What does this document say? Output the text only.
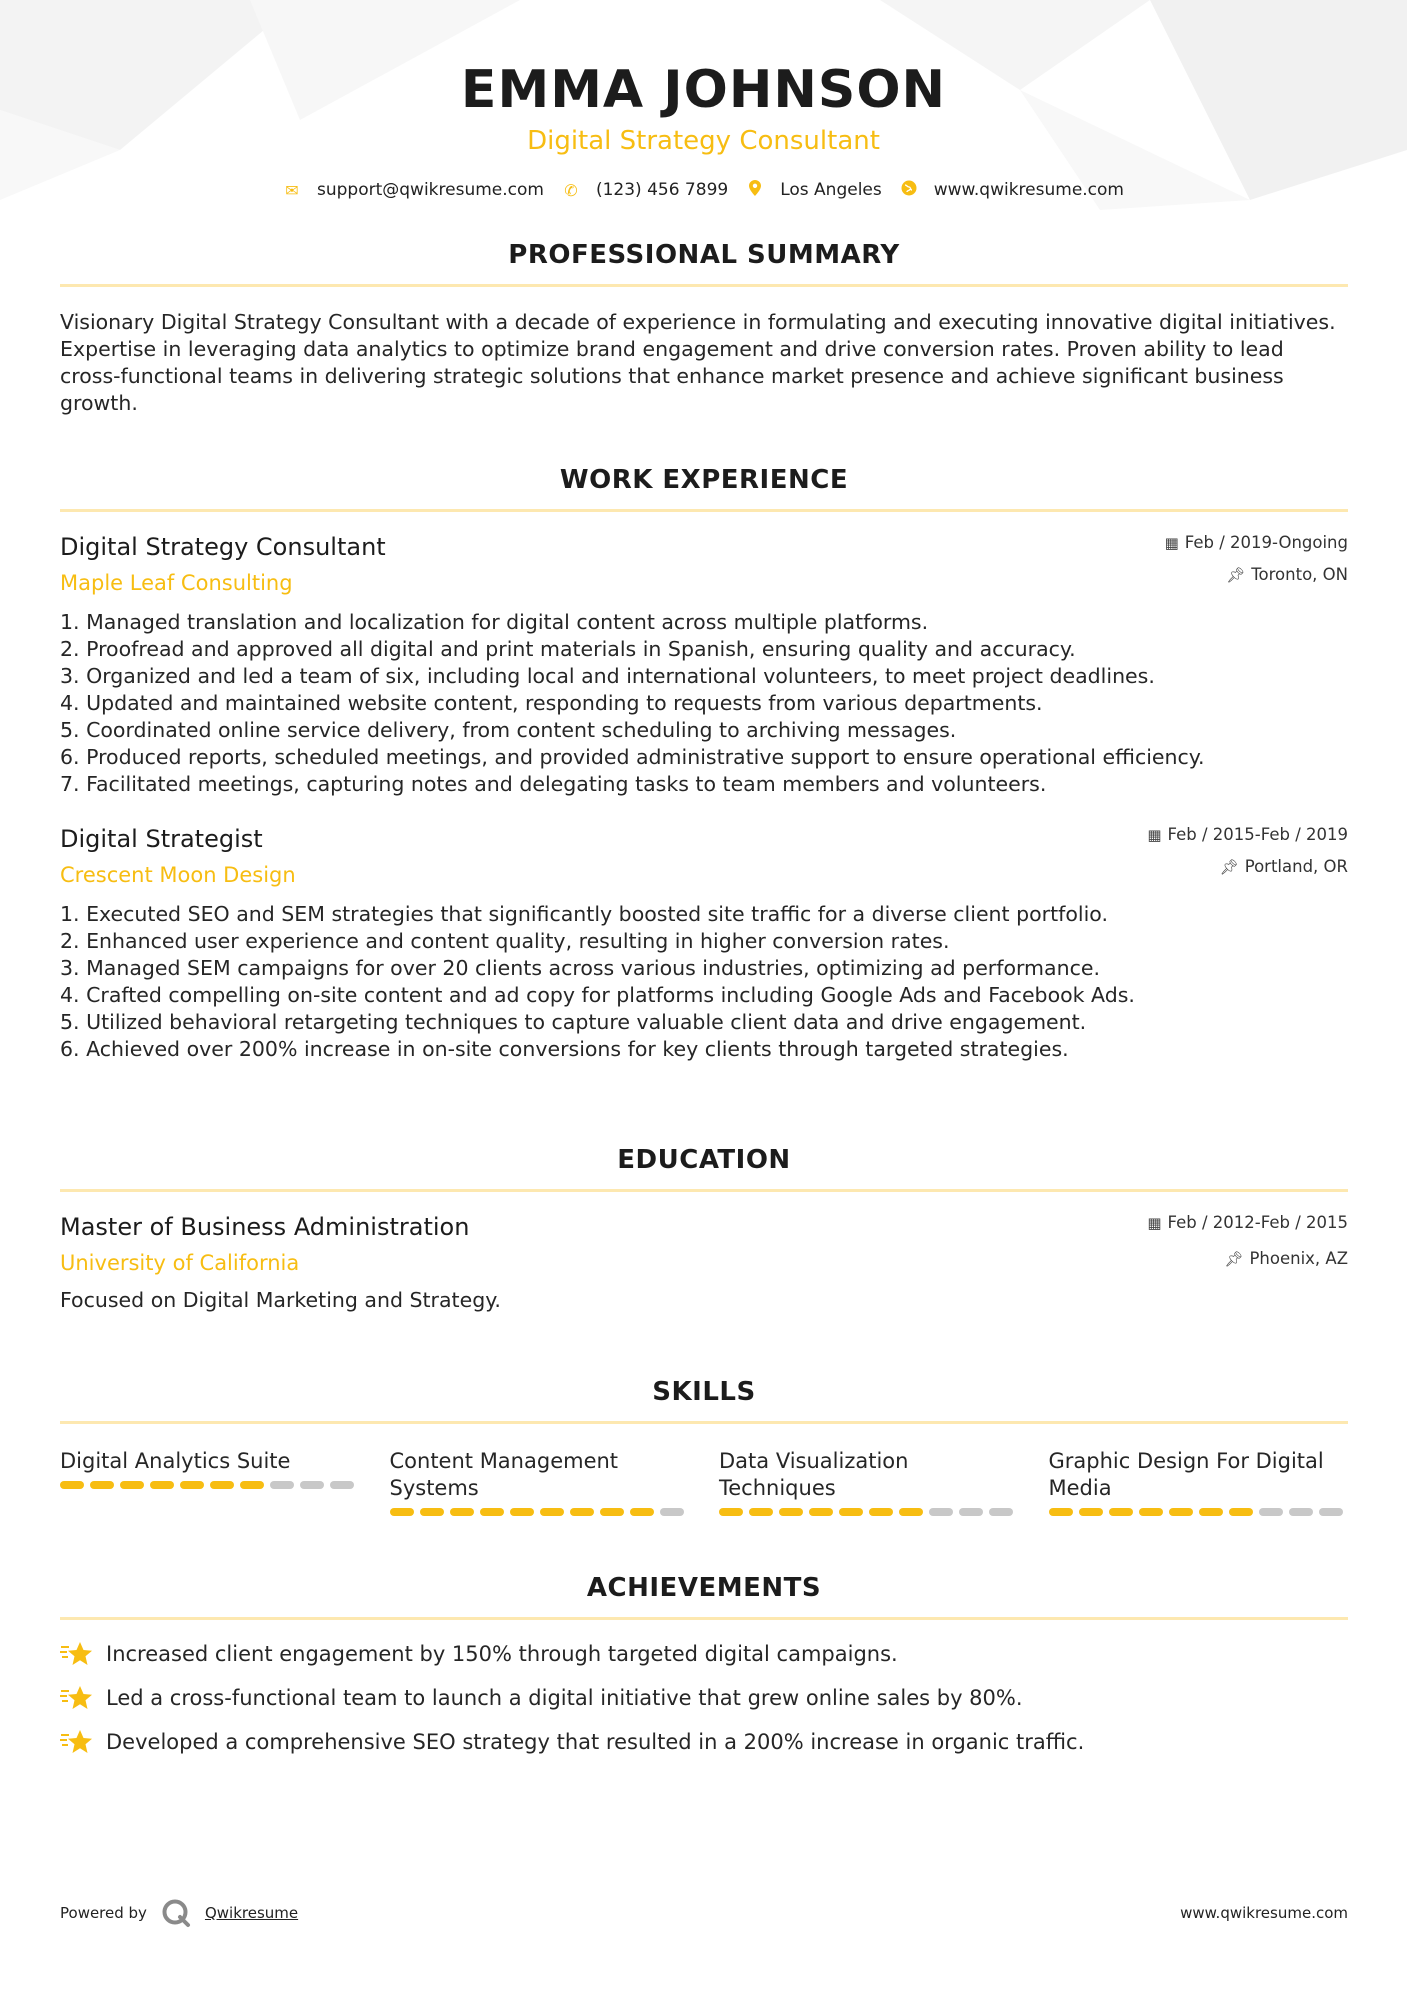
EMMA JOHNSON
Digital Strategy Consultant
✉ support@qwikresume.com ✆ (123) 456 7899	Los Angeles	www.qwikresume.com
PROFESSIONAL SUMMARY
Visionary Digital Strategy Consultant with a decade of experience in formulating and executing innovative digital initiatives. Expertise in leveraging data analytics to optimize brand engagement and drive conversion rates. Proven ability to lead cross-functional teams in delivering strategic solutions that enhance market presence and achieve significant business growth.
WORK EXPERIENCE
Digital Strategy Consultant
Maple Leaf Consulting
▦ Feb / 2019-Ongoing
📌︎ Toronto, ON
1. Managed translation and localization for digital content across multiple platforms.
2. Proofread and approved all digital and print materials in Spanish, ensuring quality and accuracy.
3. Organized and led a team of six, including local and international volunteers, to meet project deadlines.
4. Updated and maintained website content, responding to requests from various departments.
5. Coordinated online service delivery, from content scheduling to archiving messages.
6. Produced reports, scheduled meetings, and provided administrative support to ensure operational efficiency.
7. Facilitated meetings, capturing notes and delegating tasks to team members and volunteers.
Digital Strategist
Crescent Moon Design
▦ Feb / 2015-Feb / 2019
📌︎ Portland, OR
1. Executed SEO and SEM strategies that significantly boosted site traffic for a diverse client portfolio.
2. Enhanced user experience and content quality, resulting in higher conversion rates.
3. Managed SEM campaigns for over 20 clients across various industries, optimizing ad performance.
4. Crafted compelling on-site content and ad copy for platforms including Google Ads and Facebook Ads.
5. Utilized behavioral retargeting techniques to capture valuable client data and drive engagement.
6. Achieved over 200% increase in on-site conversions for key clients through targeted strategies.
EDUCATION
Master of Business Administration
University of California
▦ Feb / 2012-Feb / 2015
📌︎ Phoenix, AZ
Focused on Digital Marketing and Strategy.
SKILLS
Digital Analytics Suite	Content Management Systems
Data Visualization Techniques
Graphic Design For Digital Media
ACHIEVEMENTS
Increased client engagement by 150% through targeted digital campaigns.
Led a cross-functional team to launch a digital initiative that grew online sales by 80%.
Developed a comprehensive SEO strategy that resulted in a 200% increase in organic traffic.
Powered by	Qwikresume	www.qwikresume.com
